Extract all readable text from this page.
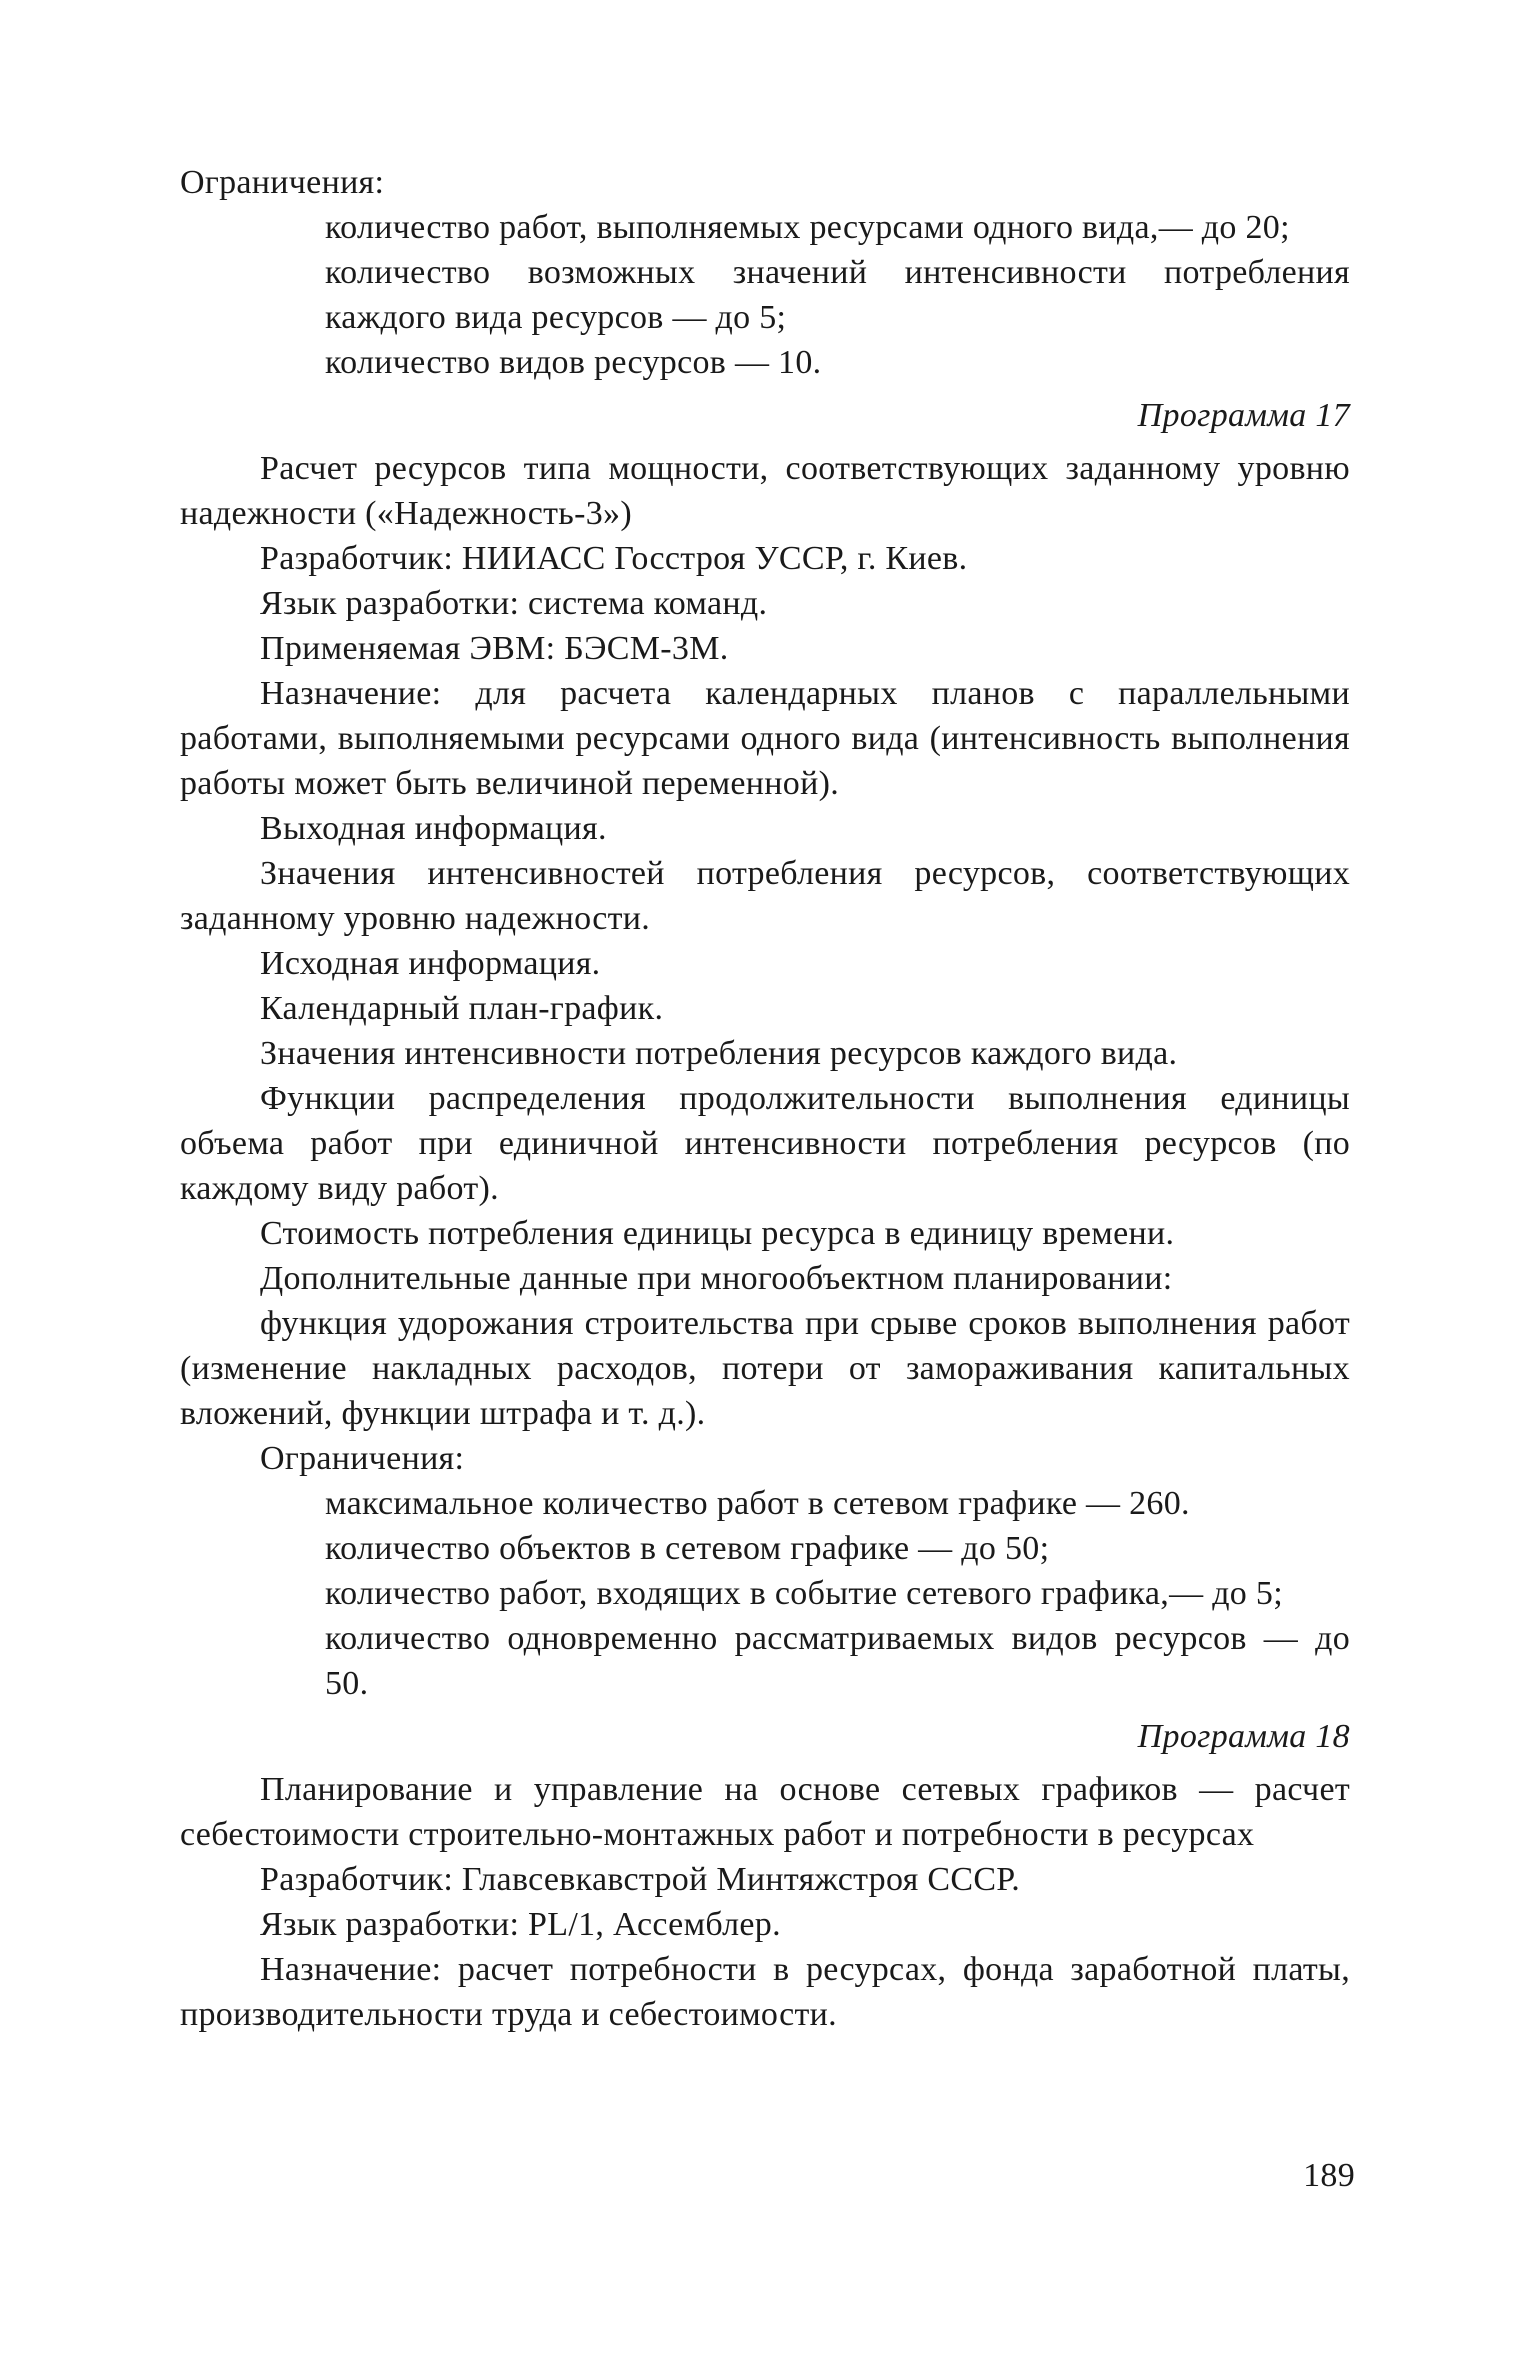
Ограничения:

количество работ, выполняемых ресурсами одного вида,— до 20;

количество возможных значений интенсивности потребления каждого вида ресурсов — до 5;

количество видов ресурсов — 10.

Программа 17

Расчет ресурсов типа мощности, соответствующих заданному уровню надежности («Надежность-3»)

Разработчик: НИИАСС Госстроя УССР, г. Киев.

Язык разработки: система команд.

Применяемая ЭВМ: БЭСМ-3М.

Назначение: для расчета календарных планов с параллельными работами, выполняемыми ресурсами одного вида (интенсивность выполнения работы может быть величиной переменной).

Выходная информация.

Значения интенсивностей потребления ресурсов, соответствующих заданному уровню надежности.

Исходная информация.

Календарный план-график.

Значения интенсивности потребления ресурсов каждого вида.

Функции распределения продолжительности выполнения единицы объема работ при единичной интенсивности потребления ресурсов (по каждому виду работ).

Стоимость потребления единицы ресурса в единицу времени.

Дополнительные данные при многообъектном планировании:

функция удорожания строительства при срыве сроков выполнения работ (изменение накладных расходов, потери от замораживания капитальных вложений, функции штрафа и т. д.).

Ограничения:

максимальное количество работ в сетевом графике — 260.

количество объектов в сетевом графике — до 50;

количество работ, входящих в событие сетевого графика,— до 5;

количество одновременно рассматриваемых видов ресурсов — до 50.

Программа 18

Планирование и управление на основе сетевых графиков — расчет себестоимости строительно-монтажных работ и потребности в ресурсах

Разработчик: Главсевкавстрой Минтяжстроя СССР.

Язык разработки: PL/1, Ассемблер.

Назначение: расчет потребности в ресурсах, фонда заработной платы, производительности труда и себестоимости.

189
